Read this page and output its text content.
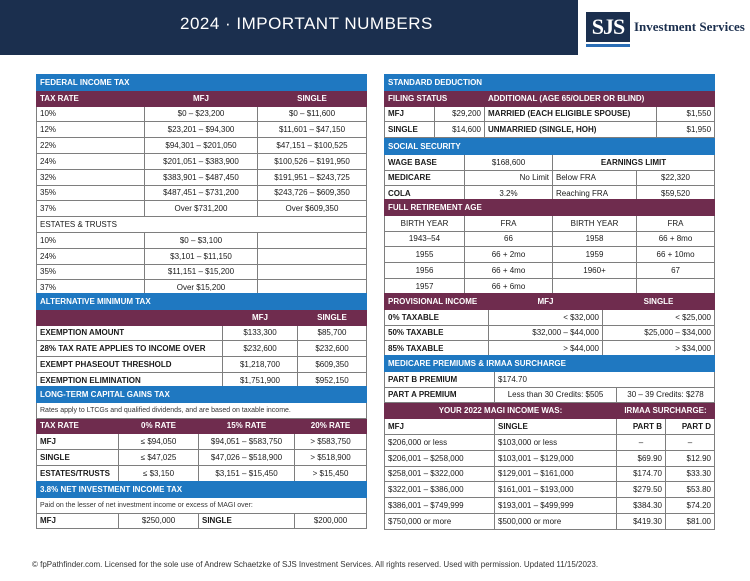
2024 · IMPORTANT NUMBERS	SJS Investment Services
FEDERAL INCOME TAX		
TAX RATE	MFJ	SINGLE
10%	$0 – $23,200	$0 – $11,600
12%	$23,201 – $94,300	$11,601 – $47,150
22%	$94,301 – $201,050	$47,151 – $100,525
24%	$201,051 – $383,900	$100,526 – $191,950
32%	$383,901 – $487,450	$191,951 – $243,725
35%	$487,451 – $731,200	$243,726 – $609,350
37%	Over $731,200	Over $609,350
ESTATES & TRUSTS		
10%	$0 – $3,100	
24%	$3,101 – $11,150	
35%	$11,151 – $15,200	
37%	Over $15,200	
ALTERNATIVE MINIMUM TAX		
	MFJ	SINGLE
EXEMPTION AMOUNT	$133,300	$85,700
28% TAX RATE APPLIES TO INCOME OVER	$232,600	$232,600
EXEMPT PHASEOUT THRESHOLD	$1,218,700	$609,350
EXEMPTION ELIMINATION	$1,751,900	$952,150
LONG-TERM CAPITAL GAINS TAX			
Rates apply to LTCGs and qualified dividends, and are based on taxable income.			
TAX RATE	0% RATE	15% RATE	20% RATE
MFJ	≤ $94,050	$94,051 – $583,750	> $583,750
SINGLE	≤ $47,025	$47,026 – $518,900	> $518,900
ESTATES/TRUSTS	≤ $3,150	$3,151 – $15,450	> $15,450
3.8% NET INVESTMENT INCOME TAX
Paid on the lesser of net investment income or excess of MAGI over:
MFJ	$250,000	SINGLE	$200,000
STANDARD DEDUCTION			
FILING STATUS		ADDITIONAL (AGE 65/OLDER OR BLIND)	
MFJ	$29,200	MARRIED (EACH ELIGIBLE SPOUSE)	$1,550
SINGLE	$14,600	UNMARRIED (SINGLE, HOH)	$1,950
SOCIAL SECURITY			
WAGE BASE	$168,600	EARNINGS LIMIT	
MEDICARE	No Limit	Below FRA	$22,320
COLA	3.2%	Reaching FRA	$59,520
FULL RETIREMENT AGE			
BIRTH YEAR	FRA	BIRTH YEAR	FRA
1943–54	66	1958	66 + 8mo
1955	66 + 2mo	1959	66 + 10mo
1956	66 + 4mo	1960+	67
1957	66 + 6mo		
PROVISIONAL INCOME	MFJ	SINGLE
0% TAXABLE	< $32,000	< $25,000
50% TAXABLE	$32,000 – $44,000	$25,000 – $34,000
85% TAXABLE	> $44,000	> $34,000
MEDICARE PREMIUMS & IRMAA SURCHARGE			
PART B PREMIUM	$174.70		
PART A PREMIUM	Less than 30 Credits: $505	30 – 39 Credits: $278	
YOUR 2022 MAGI INCOME WAS:		IRMAA SURCHARGE:	
MFJ	SINGLE	PART B	PART D
$206,000 or less	$103,000 or less	–	–
$206,001 – $258,000	$103,001 – $129,000	$69.90	$12.90
$258,001 – $322,000	$129,001 – $161,000	$174.70	$33.30
$322,001 – $386,000	$161,001 – $193,000	$279.50	$53.80
$386,001 – $749,999	$193,001 – $499,999	$384.30	$74.20
$750,000 or more	$500,000 or more	$419.30	$81.00
© fpPathfinder.com. Licensed for the sole use of Andrew Schaetzke of SJS Investment Services. All rights reserved. Used with permission. Updated 11/15/2023.
